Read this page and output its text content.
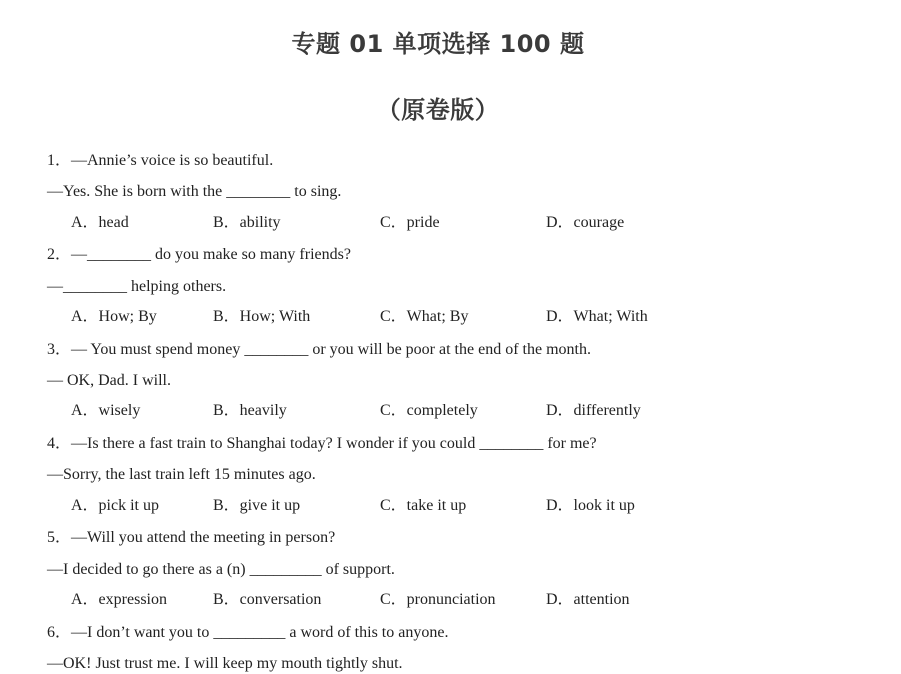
专题 01 单项选择 100 题
（原卷版）
1．—Annie’s voice is so beautiful.
—Yes. She is born with the ________ to sing.
A．head	B．ability	C．pride	D．courage
2．—________ do you make so many friends?
—________ helping others.
A．How; By	B．How; With	C．What; By	D．What; With
3．— You must spend money ________ or you will be poor at the end of the month.
— OK, Dad. I will.
A．wisely	B．heavily	C．completely	D．differently
4．—Is there a fast train to Shanghai today? I wonder if you could ________ for me?
—Sorry, the last train left 15 minutes ago.
A．pick it up	B．give it up	C．take it up	D．look it up
5．—Will you attend the meeting in person?
—I decided to go there as a (n) _________ of support.
A．expression	B．conversation	C．pronunciation	D．attention
6．—I don’t want you to _________ a word of this to anyone.
—OK! Just trust me. I will keep my mouth tightly shut.
